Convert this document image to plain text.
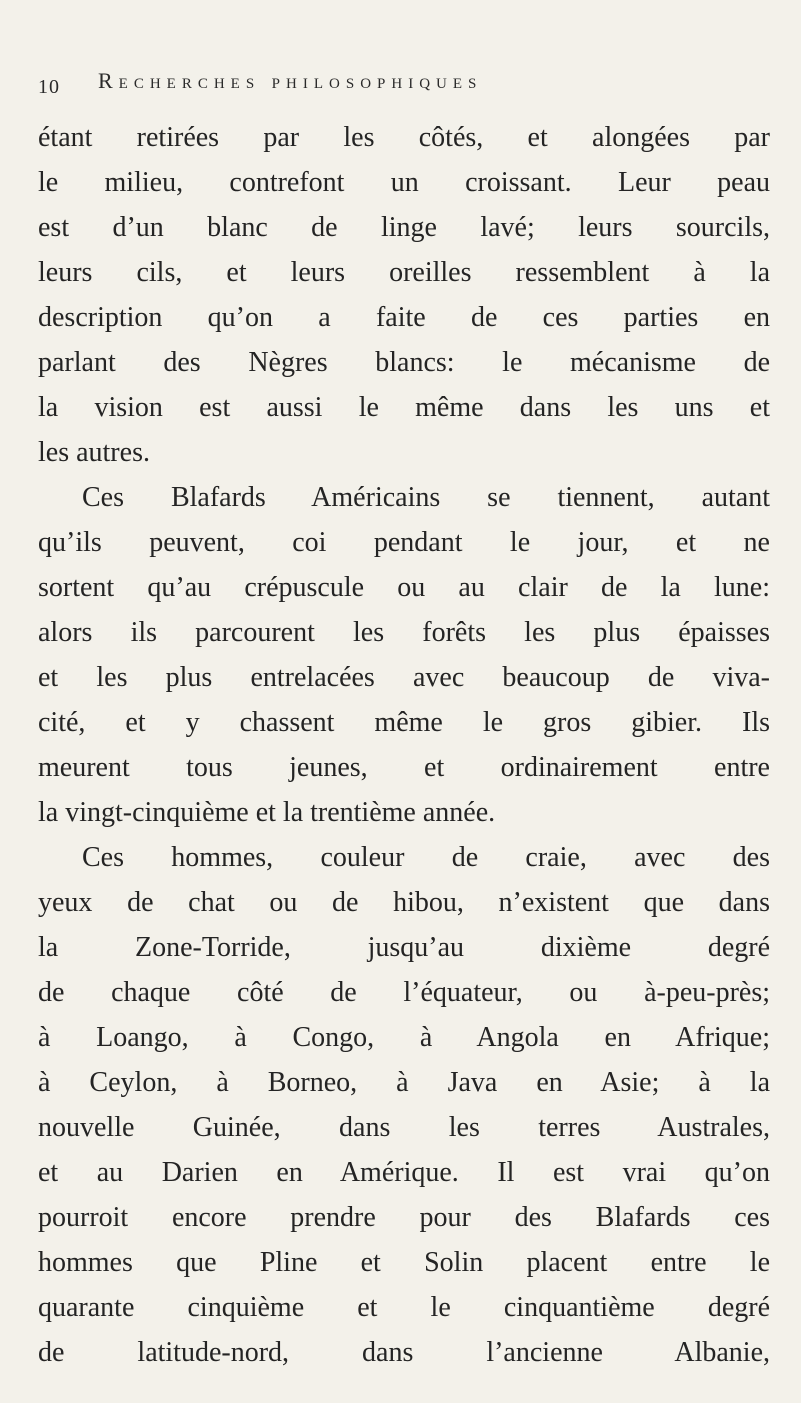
10 Recherches philosophiques
étant retirées par les côtés, et alongées par
le milieu, contrefont un croissant. Leur peau
est d’un blanc de linge lavé; leurs sourcils,
leurs cils, et leurs oreilles ressemblent à la
description qu’on a faite de ces parties en
parlant des Nègres blancs: le mécanisme de
la vision est aussi le même dans les uns et
les autres.
Ces Blafards Américains se tiennent, autant
qu’ils peuvent, coi pendant le jour, et ne
sortent qu’au crépuscule ou au clair de la lune:
alors ils parcourent les forêts les plus épaisses
et les plus entrelacées avec beaucoup de viva-
cité, et y chassent même le gros gibier. Ils
meurent tous jeunes, et ordinairement entre
la vingt-cinquième et la trentième année.
Ces hommes, couleur de craie, avec des
yeux de chat ou de hibou, n’existent que dans
la Zone-Torride, jusqu’au dixième degré
de chaque côté de l’équateur, ou à-peu-près;
à Loango, à Congo, à Angola en Afrique;
à Ceylon, à Borneo, à Java en Asie; à la
nouvelle Guinée, dans les terres Australes,
et au Darien en Amérique. Il est vrai qu’on
pourroit encore prendre pour des Blafards ces
hommes que Pline et Solin placent entre le
quarante cinquième et le cinquantième degré
de latitude-nord, dans l’ancienne Albanie,
